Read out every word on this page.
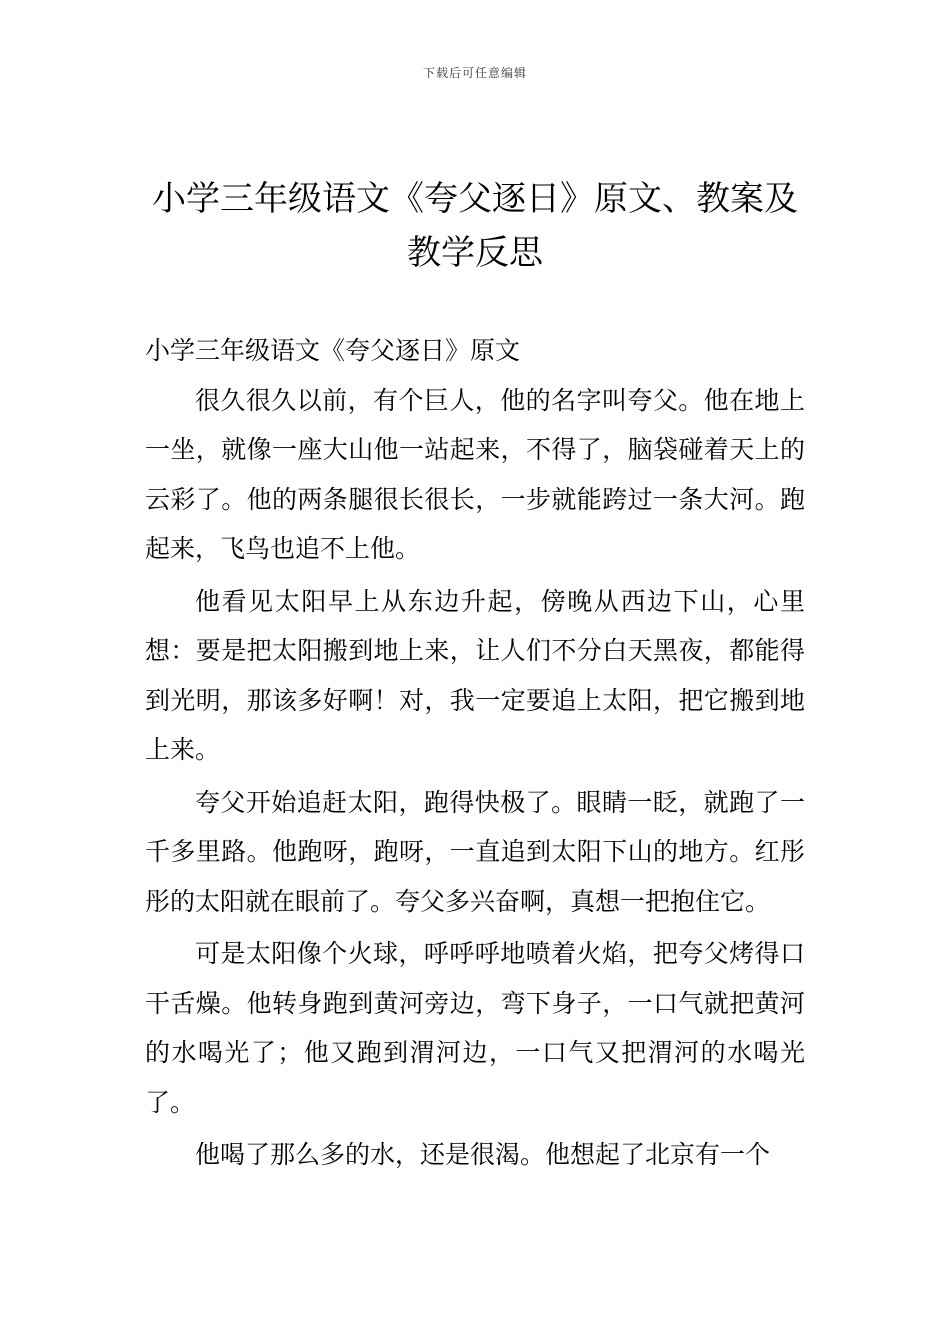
下载后可任意编辑
小学三年级语文《夸父逐日》原文、教案及教学反思

小学三年级语文《夸父逐日》原文

很久很久以前，有个巨人，他的名字叫夸父。他在地上一坐，就像一座大山他一站起来，不得了，脑袋碰着天上的云彩了。他的两条腿很长很长，一步就能跨过一条大河。跑起来，飞鸟也追不上他。

他看见太阳早上从东边升起，傍晚从西边下山，心里想：要是把太阳搬到地上来，让人们不分白天黑夜，都能得到光明，那该多好啊！对，我一定要追上太阳，把它搬到地上来。

夸父开始追赶太阳，跑得快极了。眼睛一眨，就跑了一千多里路。他跑呀，跑呀，一直追到太阳下山的地方。红彤彤的太阳就在眼前了。夸父多兴奋啊，真想一把抱住它。

可是太阳像个火球，呼呼呼地喷着火焰，把夸父烤得口干舌燥。他转身跑到黄河旁边，弯下身子，一口气就把黄河的水喝光了；他又跑到渭河边，一口气又把渭河的水喝光了。

他喝了那么多的水，还是很渴。他想起了北京有一个
